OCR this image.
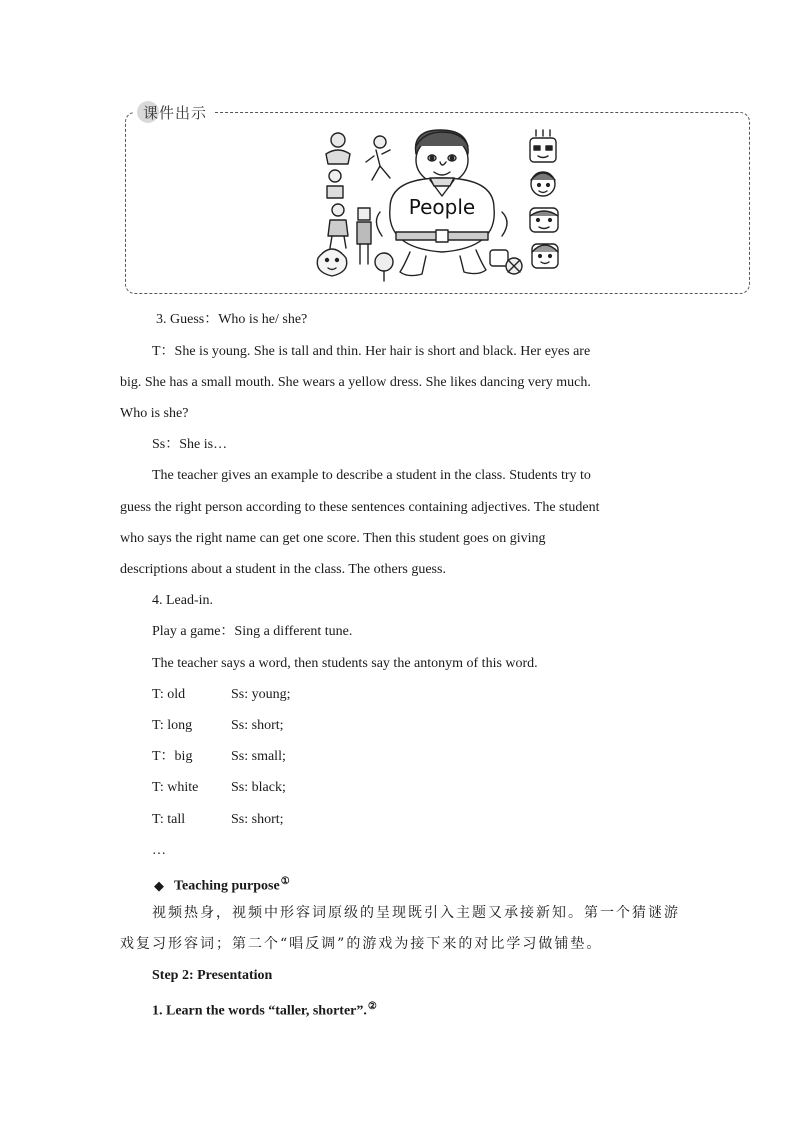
课件出示
People
3. Guess：Who is he/ she?
T：She is young. She is tall and thin. Her hair is short and black. Her eyes are
big. She has a small mouth. She wears a yellow dress. She likes dancing very much.
Who is she?
Ss：She is…
The teacher gives an example to describe a student in the class. Students try to
guess the right person according to these sentences containing adjectives. The student
who says the right name can get one score. Then this student goes on giving
descriptions about a student in the class. The others guess.
4. Lead-in.
Play a game：Sing a different tune.
The teacher says a word, then students say the antonym of this word.
T: old	Ss: young;
T: long	Ss: short;
T：big	Ss: small;
T: white Ss: black;
T: tall	Ss: short;
…
◆ Teaching purpose①
视频热身，视频中形容词原级的呈现既引入主题又承接新知。第一个猜谜游
戏复习形容词；第二个“唱反调”的游戏为接下来的对比学习做铺垫。
Step 2: Presentation
1. Learn the words “taller, shorter”.②
